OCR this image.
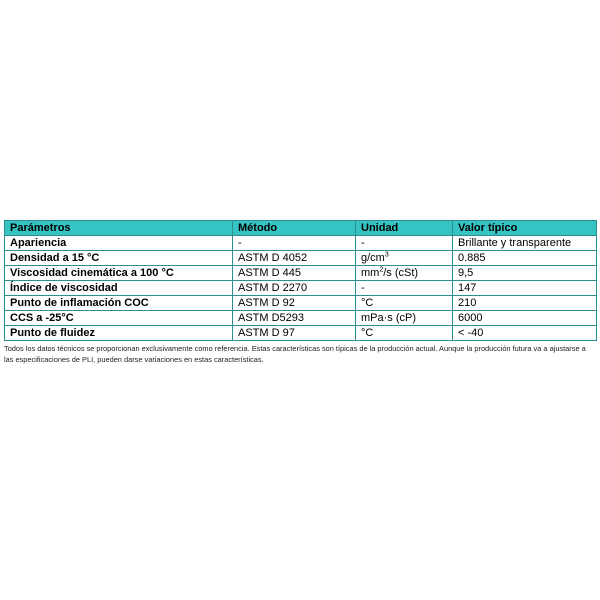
Parámetros	Método	Unidad	Valor típico
Apariencia	-	-	Brillante y transparente
Densidad a 15 °C	ASTM D 4052	$g/cm^3$	0.885
Viscosidad cinemática a 100 °C	ASTM D 445	$mm^2/s$ (cSt)	9,5
Índice de viscosidad	ASTM D 2270	-	147
Punto de inflamación COC	ASTM D 92	°C	210
CCS a -25°C	ASTM D5293	mPa·s (cP)	6000
Punto de fluidez	ASTM D 97	°C	< -40
Todos los datos técnicos se proporcionan exclusivamente como referencia. Estas características son típicas de la producción actual. Aunque la producción futura va a ajustarse a las especificaciones de PLI, pueden darse variaciones en estas características.
